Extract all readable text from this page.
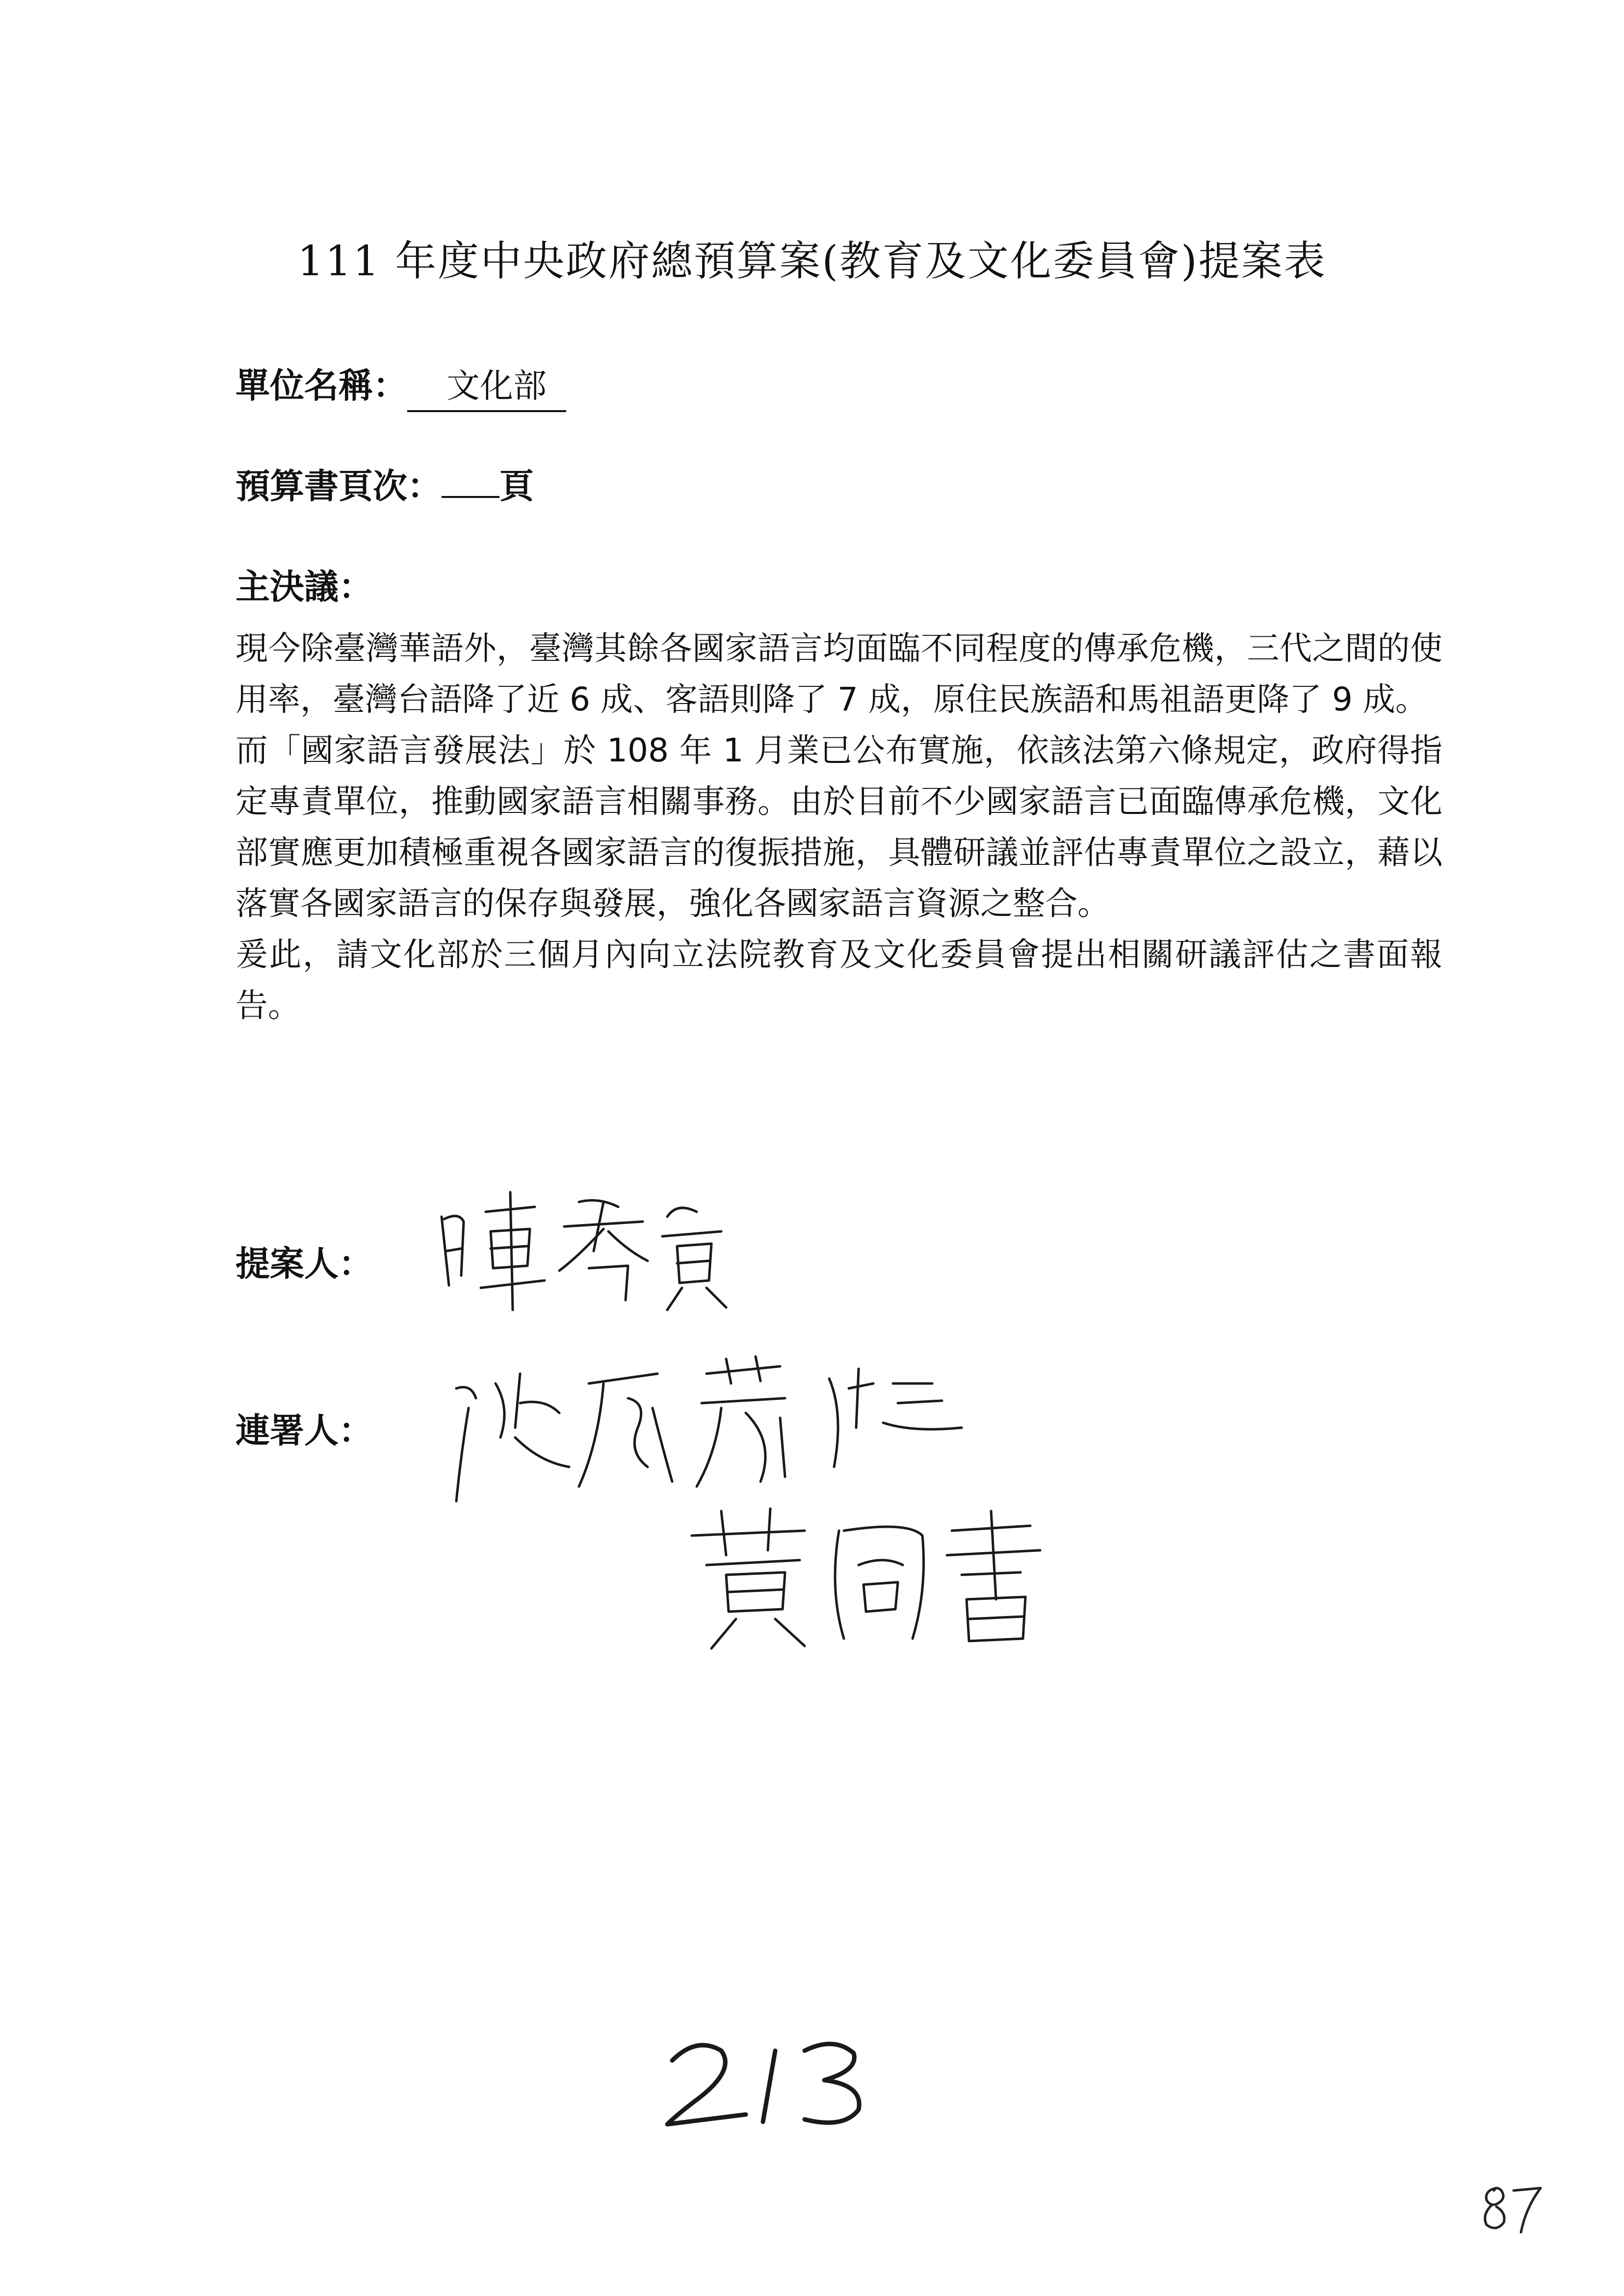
111 年度中央政府總預算案(教育及文化委員會)提案表
單位名稱： 文化部
預算書頁次： 頁
主決議：

現今除臺灣華語外，臺灣其餘各國家語言均面臨不同程度的傳承危機，三代之間的使用率，臺灣台語降了近 6 成、客語則降了 7 成，原住民族語和馬祖語更降了 9 成。

而「國家語言發展法」於 108 年 1 月業已公布實施，依該法第六條規定，政府得指定專責單位，推動國家語言相關事務。由於目前不少國家語言已面臨傳承危機，文化部實應更加積極重視各國家語言的復振措施，具體研議並評估專責單位之設立，藉以落實各國家語言的保存與發展，強化各國家語言資源之整合。

爰此，請文化部於三個月內向立法院教育及文化委員會提出相關研議評估之書面報告。

提案人：
連署人：
